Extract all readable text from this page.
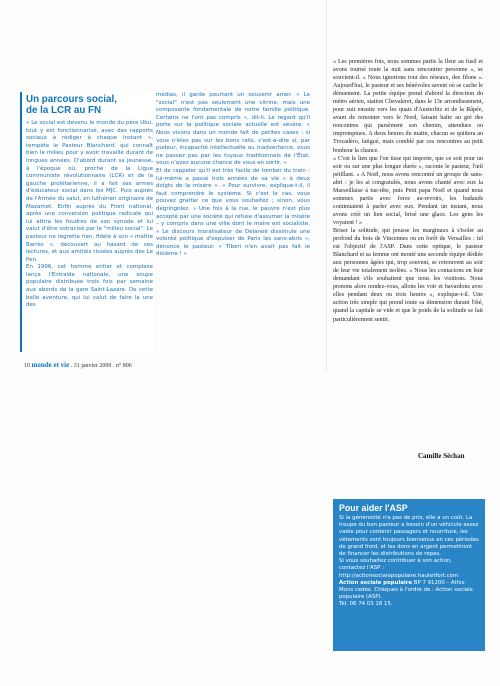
Un parcours social,
de la LCR au FN

« Le social est devenu le monde du père Ubu, tout y est fonctionnarisé, avec des rapports sociaux à rédiger à chaque instant », tempête le Pasteur Blanchard, qui connaît bien le milieu pour y avoir travaillé durant de longues années. D'abord durant sa jeunesse, à l'époque où, proche de la Ligue communiste révolutionnaire (LCR) et de la gauche prolétarienne, il a fait ses armes d'éducateur social dans les MJC. Puis auprès de l'Armée du salut, en luthérien originaire de Mazamet. Enfin auprès du Front national, après une conversion politique radicale qui lui attira les foudres de son synode et lui valut d'être ostracisé par le "milieu social". Le pasteur ne regrette rien, fidèle à son « maître Barrès », découvert au hasard de ses lectures, et aux amitiés tissées auprès des Le Pen.

En 1996, cet homme entier et complexe lança l'Entraide nationale, une soupe populaire distribuée trois fois par semaine aux abords de la gare Saint-Lazare. De cette belle aventure, qui lui valut de faire la une des

médias, il garde pourtant un souvenir amer. « Le "social" n'est pas seulement une vitrine, mais une composante fondamentale de notre famille politique. Certains ne l'ont pas compris », dit-il. Le regard qu'il porte sur la politique sociale actuelle est sévère. « Nous vivons dans un monde fait de petites cases : si vous n'êtes pas sur les bons rails, c'est-à-dire si, par pudeur, incapacité intellectuelle ou inadvertance, vous ne passez pas par les tuyaux traditionnels de l'État, vous n'avez aucune chance de vous en sortir. »

Et de rappeler qu'il est très facile de tomber du train : lui-même a passé trois années de sa vie « à deux doigts de la misère ». « Pour survivre, explique-t-il, il faut comprendre le système. Si c'est le cas, vous pouvez gratter ce que vous souhaitez ; sinon, vous dégringolez. » Une fois à la rue, le pauvre n'est plus accepté par une société qui refuse d'assumer la misère – y compris dans une ville dont le maire est socialiste. « Le discours moralisateur de Delanoë dissimule une volonté politique d'expulser de Paris les sans-abris », dénonce le pasteur. « Tiberi n'en avait pas fait le dixième ! »

10 monde et vie . 31 janvier 2009 . n° 806

« Les premières fois, nous sommes partis la fleur au fusil et avons tourné toute la nuit sans rencontrer personne », se souvient-il. « Nous ignorions tout des réseaux, des filons ». Aujourd'hui, le pasteur et ses bénévoles savent où se cache le dénuement. La petite équipe prend d'abord la direction du métro aérien, station Chevaleret, dans le 13e arrondissement, pour suit ensuite vers les quais d'Austerlitz et de la Râpée, avant de remonter vers le Nord, faisant halte au gré des rencontres qui parsèment son chemin, attendues ou impromptues. A deux heures du matin, chacun se quittera au Trocadéro, fatigué, mais comblé par ces rencontres au petit bonheur la chance.

« C'est le lien que l'on tisse qui importe, que ce soit pour un soir ou sur une plus longue durée », raconte le pasteur, l'œil pétillant. « A Noël, nous avons rencontré un groupe de sans-abri : je les ai congratulés, nous avons chanté avec eux la Marseillaise à tue-tête, puis Petit papa Noël et quand nous sommes partis avec force au-revoirs, les badauds continuaient à parler avec eux. Pendant un instant, nous avons créé un lien social, brisé une glace. Les gens les voyaient ! »

Briser la solitude, qui pousse les marginaux à s'isoler au profond du bois de Vincennes ou en forêt de Versailles : tel est l'objectif de l'ASP. Dans cette optique, le pasteur Blanchard et sa femme ont monté une seconde équipe dédiée aux personnes âgées qui, trop souvent, se retrouvent au soir de leur vie totalement isolées. « Nous les contactons en leur demandant s'ils souhaitent que nous les visitions. Nous prenons alors rendez-vous, allons les voir et bavardons avec elles pendant deux ou trois heures », explique-t-il. Une action très simple qui prend toute sa dimension durant l'été, quand la capitale se vide et que le poids de la solitude se fait particulièrement sentir.

Camille Séchan
Pour aider l'ASP

Si la générosité n'a pas de prix, elle a un coût. La troupe du bon pasteur a besoin d'un véhicule assez vaste pour contenir passagers et nourriture, les vêtements sont toujours bienvenus en ces périodes de grand froid, et les dons en argent permettront de financer les distributions de repas.

Si vous souhaitez contribuer à son action, contactez l'ASP : http://actionsocialepopulaire.hautetfort.com

Action sociale populaire BP 7 91200 – Athis-Mons cedex. Chèques à l'ordre de : Action sociale populaire (ASP).

Tél. 06 74 03 18 15.
